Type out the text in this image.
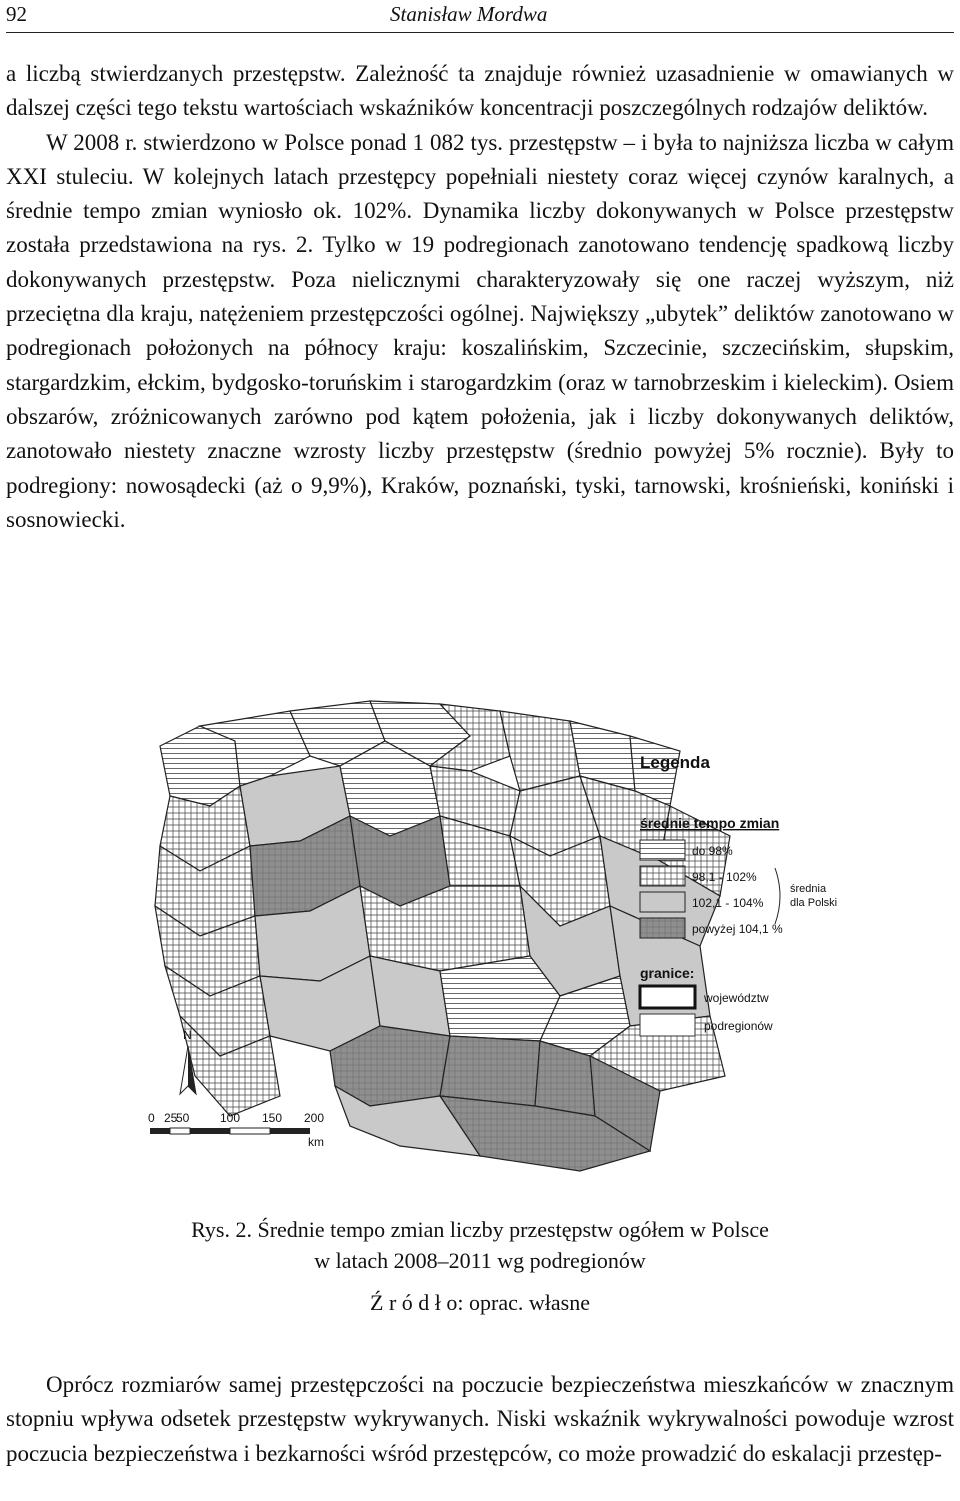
92	Stanisław Mordwa

a liczbą stwierdzanych przestępstw. Zależność ta znajduje również uzasadnienie w omawianych w dalszej części tego tekstu wartościach wskaźników koncentracji poszczególnych rodzajów deliktów.

W 2008 r. stwierdzono w Polsce ponad 1 082 tys. przestępstw – i była to najniższa liczba w całym XXI stuleciu. W kolejnych latach przestępcy popełniali niestety coraz więcej czynów karalnych, a średnie tempo zmian wyniosło ok. 102%. Dynamika liczby dokonywanych w Polsce przestępstw została przedstawiona na rys. 2. Tylko w 19 podregionach zanotowano tendencję spadkową liczby dokonywanych przestępstw. Poza nielicznymi charakteryzowały się one raczej wyższym, niż przeciętna dla kraju, natężeniem przestępczości ogólnej. Największy „ubytek” deliktów zanotowano w podregionach położonych na północy kraju: koszalińskim, Szczecinie, szczecińskim, słupskim, stargardzkim, ełckim, bydgosko-toruńskim i starogardzkim (oraz w tarnobrzeskim i kieleckim). Osiem obszarów, zróżnicowanych zarówno pod kątem położenia, jak i liczby dokonywanych deliktów, zanotowało niestety znaczne wzrosty liczby przestępstw (średnio powyżej 5% rocznie). Były to podregiony: nowosądecki (aż o 9,9%), Kraków, poznański, tyski, tarnowski, krośnieński, koniński i sosnowiecki.

Legenda
średnie tempo zmian
do 98%
98,1 - 102%
102,1 - 104%
powyżej 104,1 %
średnia dla Polski
granice:
województw
podregionów
N
0 25
50	100 150 200
km
Rys. 2. Średnie tempo zmian liczby przestępstw ogółem w Polsce
w latach 2008–2011 wg podregionów
Ź r ó d ł o: oprac. własne

Oprócz rozmiarów samej przestępczości na poczucie bezpieczeństwa mieszkańców w znacznym stopniu wpływa odsetek przestępstw wykrywanych. Niski wskaźnik wykrywalności powoduje wzrost poczucia bezpieczeństwa i bezkarności wśród przestępców, co może prowadzić do eskalacji przestęp-
